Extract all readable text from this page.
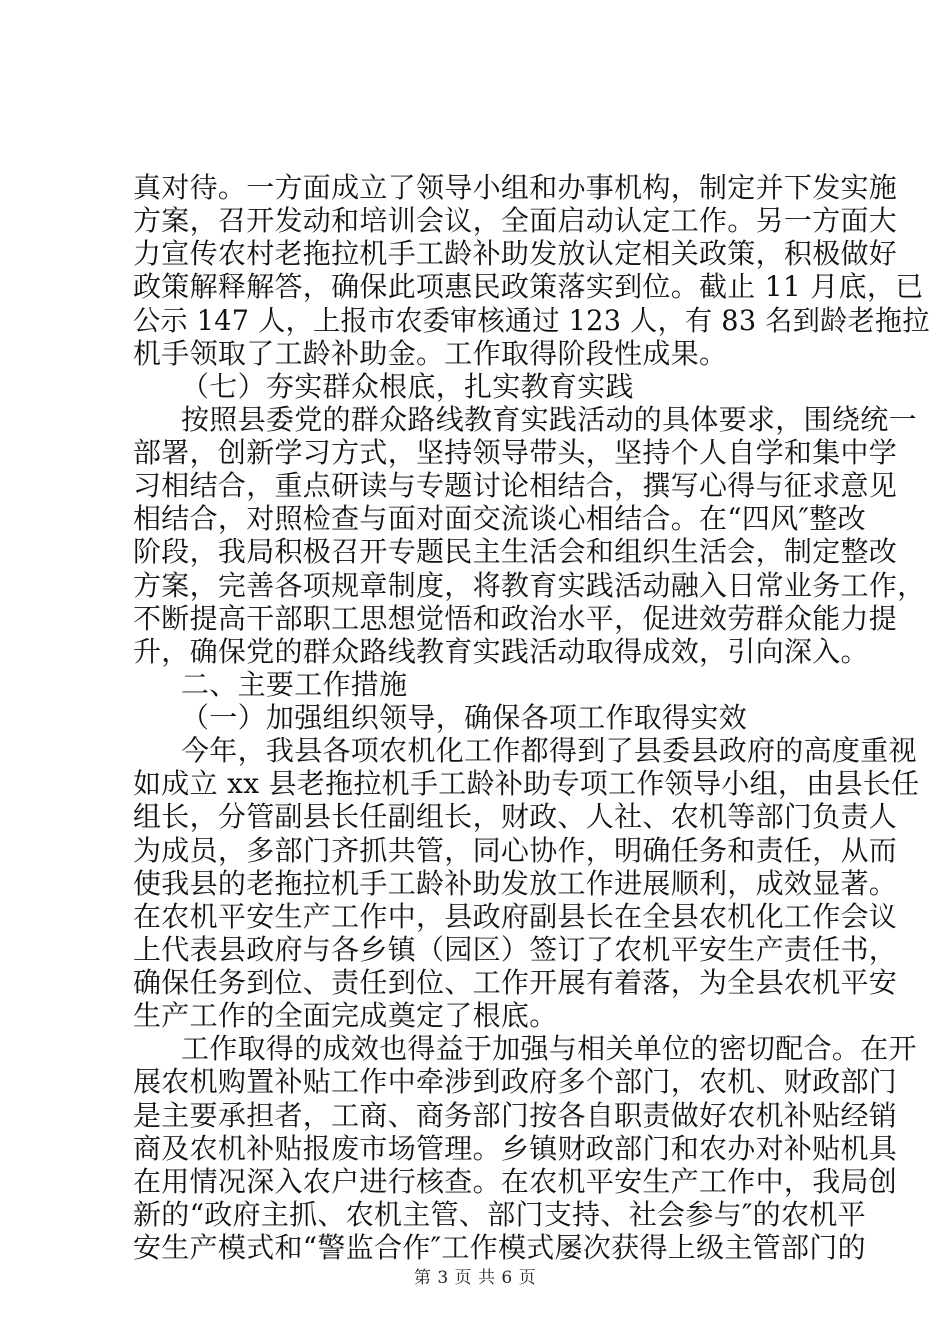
真对待。一方面成立了领导小组和办事机构，制定并下发实施
方案，召开发动和培训会议，全面启动认定工作。另一方面大
力宣传农村老拖拉机手工龄补助发放认定相关政策，积极做好
政策解释解答，确保此项惠民政策落实到位。截止 11 月底，已
公示 147 人，上报市农委审核通过 123 人，有 83 名到龄老拖拉
机手领取了工龄补助金。工作取得阶段性成果。
（七）夯实群众根底，扎实教育实践
按照县委党的群众路线教育实践活动的具体要求，围绕统一
部署，创新学习方式，坚持领导带头，坚持个人自学和集中学
习相结合，重点研读与专题讨论相结合，撰写心得与征求意见
相结合，对照检查与面对面交流谈心相结合。在“四风″整改
阶段，我局积极召开专题民主生活会和组织生活会，制定整改
方案，完善各项规章制度，将教育实践活动融入日常业务工作，
不断提高干部职工思想觉悟和政治水平，促进效劳群众能力提
升，确保党的群众路线教育实践活动取得成效，引向深入。
二、主要工作措施
（一）加强组织领导，确保各项工作取得实效
今年，我县各项农机化工作都得到了县委县政府的高度重视
如成立 xx 县老拖拉机手工龄补助专项工作领导小组，由县长任
组长，分管副县长任副组长，财政、人社、农机等部门负责人
为成员，多部门齐抓共管，同心协作，明确任务和责任，从而
使我县的老拖拉机手工龄补助发放工作进展顺利，成效显著。
在农机平安生产工作中，县政府副县长在全县农机化工作会议
上代表县政府与各乡镇（园区）签订了农机平安生产责任书，
确保任务到位、责任到位、工作开展有着落，为全县农机平安
生产工作的全面完成奠定了根底。
工作取得的成效也得益于加强与相关单位的密切配合。在开
展农机购置补贴工作中牵涉到政府多个部门，农机、财政部门
是主要承担者，工商、商务部门按各自职责做好农机补贴经销
商及农机补贴报废市场管理。乡镇财政部门和农办对补贴机具
在用情况深入农户进行核查。在农机平安生产工作中，我局创
新的“政府主抓、农机主管、部门支持、社会参与″的农机平
安生产模式和“警监合作″工作模式屡次获得上级主管部门的
第 3 页 共 6 页
